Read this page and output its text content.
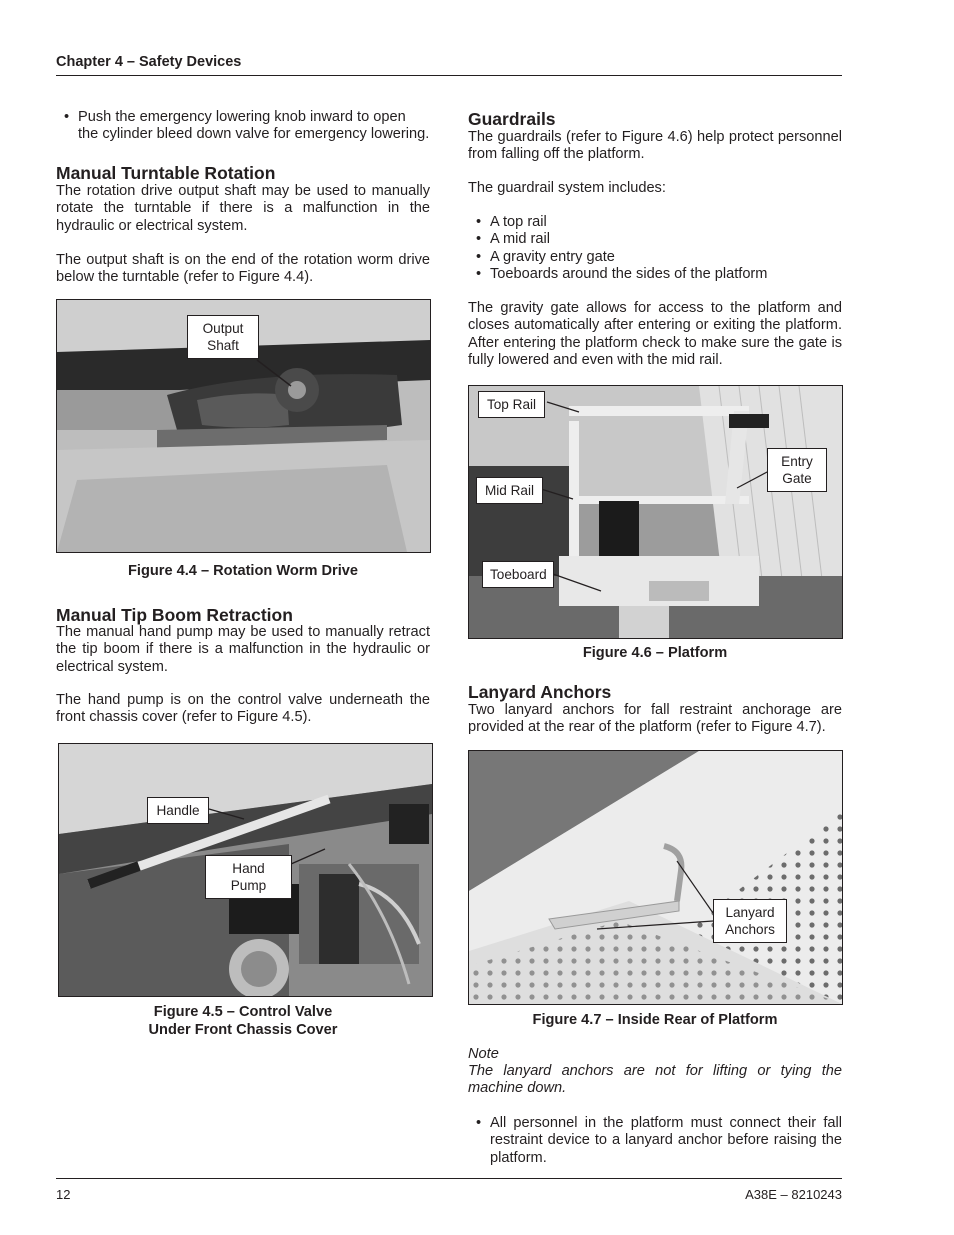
Chapter 4 – Safety Devices
• Push the emergency lowering knob inward to open the cylinder bleed down valve for emergency lowering.
Manual Turntable Rotation

The rotation drive output shaft may be used to manually rotate the turntable if there is a malfunction in the hydraulic or electrical system.

The output shaft is on the end of the rotation worm drive below the turntable (refer to Figure 4.4).

Output
Shaft
Figure 4.4 – Rotation Worm Drive
Manual Tip Boom Retraction

The manual hand pump may be used to manually retract the tip boom if there is a malfunction in the hydraulic or electrical system.

The hand pump is on the control valve underneath the front chassis cover (refer to Figure 4.5).

Handle
Hand Pump
Figure 4.5 – Control Valve
Under Front Chassis Cover
Guardrails

The guardrails (refer to Figure 4.6) help protect personnel from falling off the platform.

The guardrail system includes:

• A top rail
• A mid rail
• A gravity entry gate
• Toeboards around the sides of the platform

The gravity gate allows for access to the platform and closes automatically after entering or exiting the platform. After entering the platform check to make sure the gate is fully lowered and even with the mid rail.

Top Rail
Mid Rail
Toeboard
Entry
Gate
Figure 4.6 – Platform
Lanyard Anchors

Two lanyard anchors for fall restraint anchorage are provided at the rear of the platform (refer to Figure 4.7).

Lanyard
Anchors
Figure 4.7 – Inside Rear of Platform
Note
The lanyard anchors are not for lifting or tying the machine down.
• All personnel in the platform must connect their fall restraint device to a lanyard anchor before raising the platform.
12	A38E – 8210243
